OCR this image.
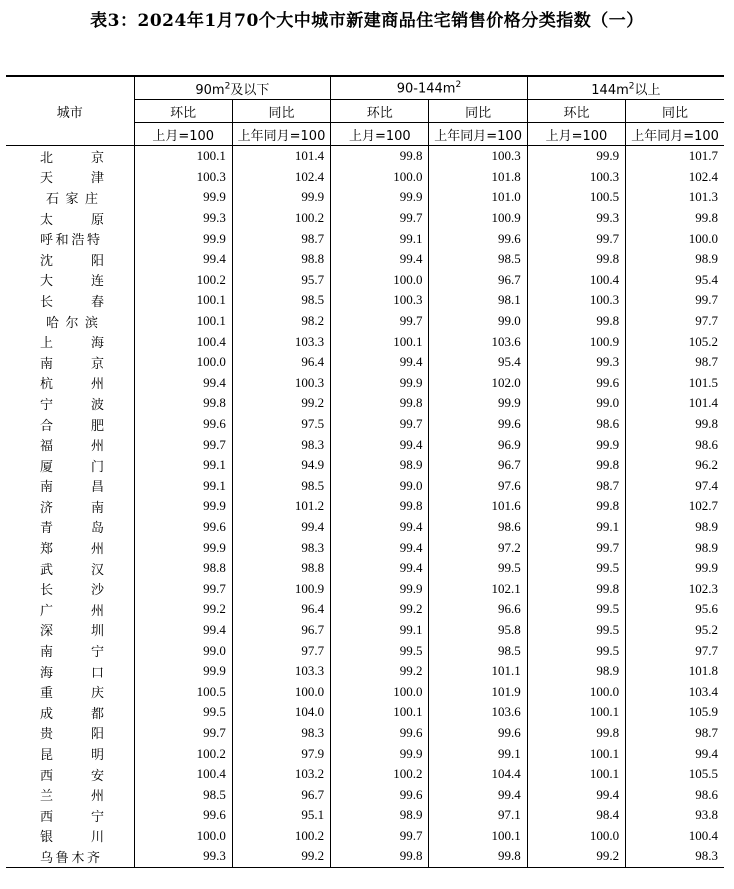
表3：2024年1月70个大中城市新建商品住宅销售价格分类指数（一）
城市	$90m^2$及以下		$90-144m^2$		$144m^2$以上	
	环比	同比	环比	同比	环比	同比
	上月=100	上年同月=100	上月=100	上年同月=100	上月=100	上年同月=100
北京	100.1	101.4	99.8	100.3	99.9	101.7
天津	100.3	102.4	100.0	101.8	100.3	102.4
石家庄	99.9	99.9	99.9	101.0	100.5	101.3
太原	99.3	100.2	99.7	100.9	99.3	99.8
呼和浩特	99.9	98.7	99.1	99.6	99.7	100.0
沈阳	99.4	98.8	99.4	98.5	99.8	98.9
大连	100.2	95.7	100.0	96.7	100.4	95.4
长春	100.1	98.5	100.3	98.1	100.3	99.7
哈尔滨	100.1	98.2	99.7	99.0	99.8	97.7
上海	100.4	103.3	100.1	103.6	100.9	105.2
南京	100.0	96.4	99.4	95.4	99.3	98.7
杭州	99.4	100.3	99.9	102.0	99.6	101.5
宁波	99.8	99.2	99.8	99.9	99.0	101.4
合肥	99.6	97.5	99.7	99.6	98.6	99.8
福州	99.7	98.3	99.4	96.9	99.9	98.6
厦门	99.1	94.9	98.9	96.7	99.8	96.2
南昌	99.1	98.5	99.0	97.6	98.7	97.4
济南	99.9	101.2	99.8	101.6	99.8	102.7
青岛	99.6	99.4	99.4	98.6	99.1	98.9
郑州	99.9	98.3	99.4	97.2	99.7	98.9
武汉	98.8	98.8	99.4	99.5	99.5	99.9
长沙	99.7	100.9	99.9	102.1	99.8	102.3
广州	99.2	96.4	99.2	96.6	99.5	95.6
深圳	99.4	96.7	99.1	95.8	99.5	95.2
南宁	99.0	97.7	99.5	98.5	99.5	97.7
海口	99.9	103.3	99.2	101.1	98.9	101.8
重庆	100.5	100.0	100.0	101.9	100.0	103.4
成都	99.5	104.0	100.1	103.6	100.1	105.9
贵阳	99.7	98.3	99.6	99.6	99.8	98.7
昆明	100.2	97.9	99.9	99.1	100.1	99.4
西安	100.4	103.2	100.2	104.4	100.1	105.5
兰州	98.5	96.7	99.6	99.4	99.4	98.6
西宁	99.6	95.1	98.9	97.1	98.4	93.8
银川	100.0	100.2	99.7	100.1	100.0	100.4
乌鲁木齐	99.3	99.2	99.8	99.8	99.2	98.3
